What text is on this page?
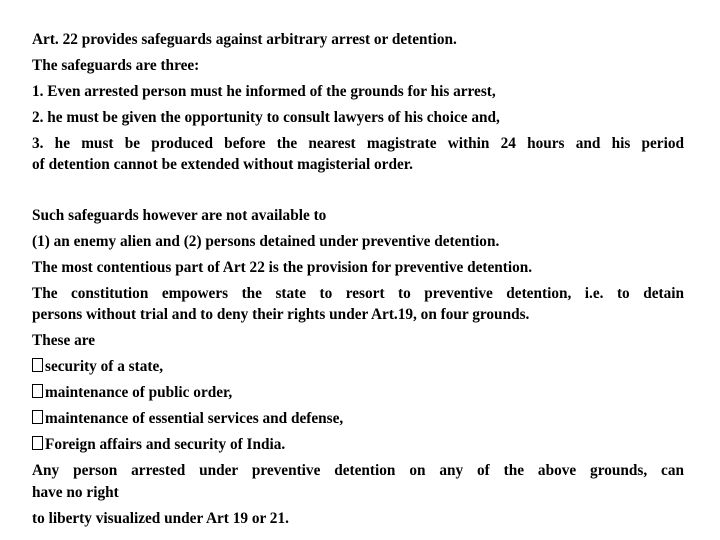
Art. 22 provides safeguards against arbitrary arrest or detention.
The safeguards are three:
1. Even arrested person must he informed of the grounds for his arrest,
2. he must be given the opportunity to consult lawyers of his choice and,
3. he must be produced before the nearest magistrate within 24 hours and his period
of detention cannot be extended without magisterial order.
Such safeguards however are not available to
(1) an enemy alien and (2) persons detained under preventive detention.
The most contentious part of Art 22 is the provision for preventive detention.
The constitution empowers the state to resort to preventive detention, i.e. to detain
persons without trial and to deny their rights under Art.19, on four grounds.
These are
security of a state,
maintenance of public order,
maintenance of essential services and defense,
Foreign affairs and security of India.
Any person arrested under preventive detention on any of the above grounds, can
have no right
to liberty visualized under Art 19 or 21.
